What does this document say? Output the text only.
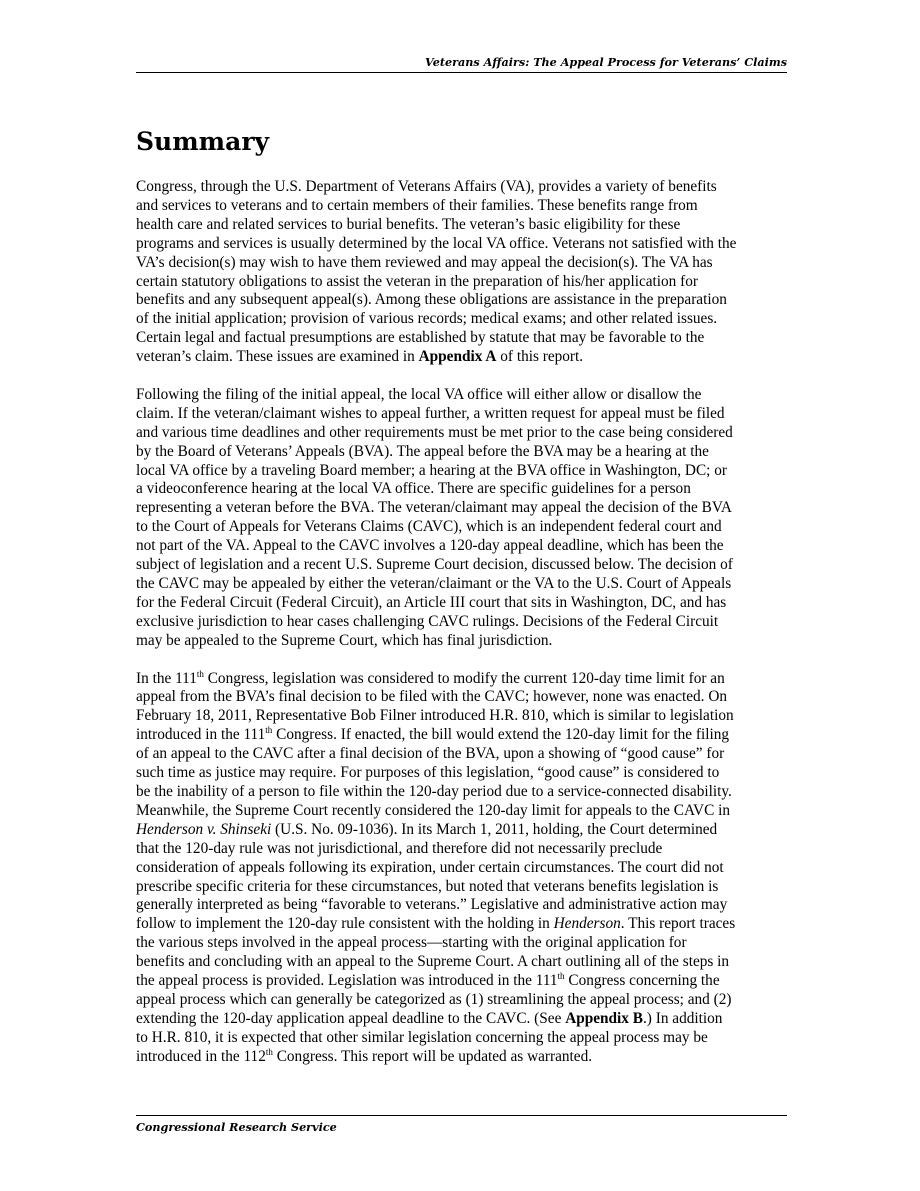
Veterans Affairs: The Appeal Process for Veterans’ Claims
Summary

Congress, through the U.S. Department of Veterans Affairs (VA), provides a variety of benefits
and services to veterans and to certain members of their families. These benefits range from
health care and related services to burial benefits. The veteran’s basic eligibility for these
programs and services is usually determined by the local VA office. Veterans not satisfied with the
VA’s decision(s) may wish to have them reviewed and may appeal the decision(s). The VA has
certain statutory obligations to assist the veteran in the preparation of his/her application for
benefits and any subsequent appeal(s). Among these obligations are assistance in the preparation
of the initial application; provision of various records; medical exams; and other related issues.
Certain legal and factual presumptions are established by statute that may be favorable to the
veteran’s claim. These issues are examined in Appendix A of this report.

Following the filing of the initial appeal, the local VA office will either allow or disallow the
claim. If the veteran/claimant wishes to appeal further, a written request for appeal must be filed
and various time deadlines and other requirements must be met prior to the case being considered
by the Board of Veterans’ Appeals (BVA). The appeal before the BVA may be a hearing at the
local VA office by a traveling Board member; a hearing at the BVA office in Washington, DC; or
a videoconference hearing at the local VA office. There are specific guidelines for a person
representing a veteran before the BVA. The veteran/claimant may appeal the decision of the BVA
to the Court of Appeals for Veterans Claims (CAVC), which is an independent federal court and
not part of the VA. Appeal to the CAVC involves a 120-day appeal deadline, which has been the
subject of legislation and a recent U.S. Supreme Court decision, discussed below. The decision of
the CAVC may be appealed by either the veteran/claimant or the VA to the U.S. Court of Appeals
for the Federal Circuit (Federal Circuit), an Article III court that sits in Washington, DC, and has
exclusive jurisdiction to hear cases challenging CAVC rulings. Decisions of the Federal Circuit
may be appealed to the Supreme Court, which has final jurisdiction.

In the 111th Congress, legislation was considered to modify the current 120-day time limit for an
appeal from the BVA’s final decision to be filed with the CAVC; however, none was enacted. On
February 18, 2011, Representative Bob Filner introduced H.R. 810, which is similar to legislation
introduced in the 111th Congress. If enacted, the bill would extend the 120-day limit for the filing
of an appeal to the CAVC after a final decision of the BVA, upon a showing of “good cause” for
such time as justice may require. For purposes of this legislation, “good cause” is considered to
be the inability of a person to file within the 120-day period due to a service-connected disability.
Meanwhile, the Supreme Court recently considered the 120-day limit for appeals to the CAVC in
Henderson v. Shinseki (U.S. No. 09-1036). In its March 1, 2011, holding, the Court determined
that the 120-day rule was not jurisdictional, and therefore did not necessarily preclude
consideration of appeals following its expiration, under certain circumstances. The court did not
prescribe specific criteria for these circumstances, but noted that veterans benefits legislation is
generally interpreted as being “favorable to veterans.” Legislative and administrative action may
follow to implement the 120-day rule consistent with the holding in Henderson. This report traces
the various steps involved in the appeal process—starting with the original application for
benefits and concluding with an appeal to the Supreme Court. A chart outlining all of the steps in
the appeal process is provided. Legislation was introduced in the 111th Congress concerning the
appeal process which can generally be categorized as (1) streamlining the appeal process; and (2)
extending the 120-day application appeal deadline to the CAVC. (See Appendix B.) In addition
to H.R. 810, it is expected that other similar legislation concerning the appeal process may be
introduced in the 112th Congress. This report will be updated as warranted.

Congressional Research Service
